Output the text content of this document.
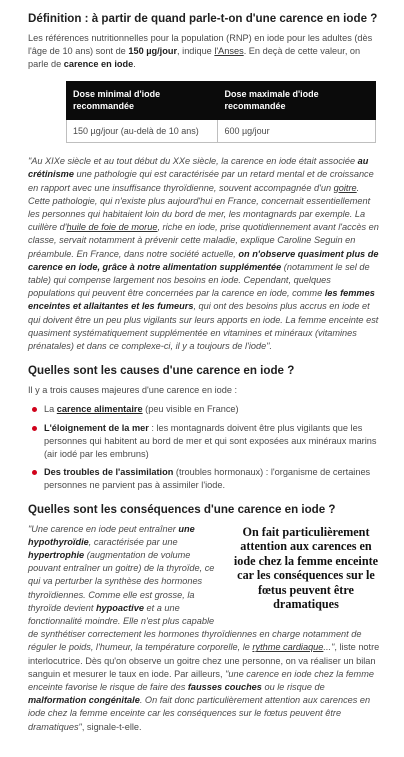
Définition : à partir de quand parle-t-on d'une carence en iode ?

Les références nutritionnelles pour la population (RNP) en iode pour les adultes (dès l'âge de 10 ans) sont de 150 µg/jour, indique l'Anses. En deçà de cette valeur, on parle de carence en iode.

Dose minimal d'iode recommandée	Dose maximale d'iode recommandée
150 µg/jour (au-delà de 10 ans)	600 µg/jour

"Au XIXe siècle et au tout début du XXe siècle, la carence en iode était associée au crétinisme une pathologie qui est caractérisée par un retard mental et de croissance en rapport avec une insuffisance thyroïdienne, souvent accompagnée d'un goitre. Cette pathologie, qui n'existe plus aujourd'hui en France, concernait essentiellement les personnes qui habitaient loin du bord de mer, les montagnards par exemple. La cuillère d'huile de foie de morue, riche en iode, prise quotidiennement avant l'accès en classe, servait notamment à prévenir cette maladie, explique Caroline Seguin en préambule. En France, dans notre société actuelle, on n'observe quasiment plus de carence en iode, grâce à notre alimentation supplémentée (notamment le sel de table) qui compense largement nos besoins en iode. Cependant, quelques populations qui peuvent être concernées par la carence en iode, comme les femmes enceintes et allaitantes et les fumeurs, qui ont des besoins plus accrus en iode et qui doivent être un peu plus vigilants sur leurs apports en iode. La femme enceinte est quasiment systématiquement supplémentée en vitamines et minéraux (vitamines prénatales) et dans ce complexe-ci, il y a toujours de l'iode".

Quelles sont les causes d'une carence en iode ?

Il y a trois causes majeures d'une carence en iode :

La carence alimentaire (peu visible en France)
L'éloignement de la mer : les montagnards doivent être plus vigilants que les personnes qui habitent au bord de mer et qui sont exposées aux minéraux marins (air iodé par les embruns)
Des troubles de l'assimilation (troubles hormonaux) : l'organisme de certaines personnes ne parvient pas à assimiler l'iode.
Quelles sont les conséquences d'une carence en iode ?
On fait particulièrement attention aux carences en iode chez la femme enceinte car les conséquences sur le fœtus peuvent être dramatiques

"Une carence en iode peut entraîner une hypothyroïdie, caractérisée par une hypertrophie (augmentation de volume pouvant entraîner un goitre) de la thyroïde, ce qui va perturber la synthèse des hormones thyroïdiennes. Comme elle est grosse, la thyroïde devient hypoactive et a une fonctionnalité moindre. Elle n'est plus capable de synthétiser correctement les hormones thyroïdiennes en charge notamment de réguler le poids, l'humeur, la température corporelle, le rythme cardiaque...", liste notre interlocutrice. Dès qu'on observe un goitre chez une personne, on va réaliser un bilan sanguin et mesurer le taux en iode. Par ailleurs, "une carence en iode chez la femme enceinte favorise le risque de faire des fausses couches ou le risque de malformation congénitale. On fait donc particulièrement attention aux carences en iode chez la femme enceinte car les conséquences sur le fœtus peuvent être dramatiques", signale-t-elle.
